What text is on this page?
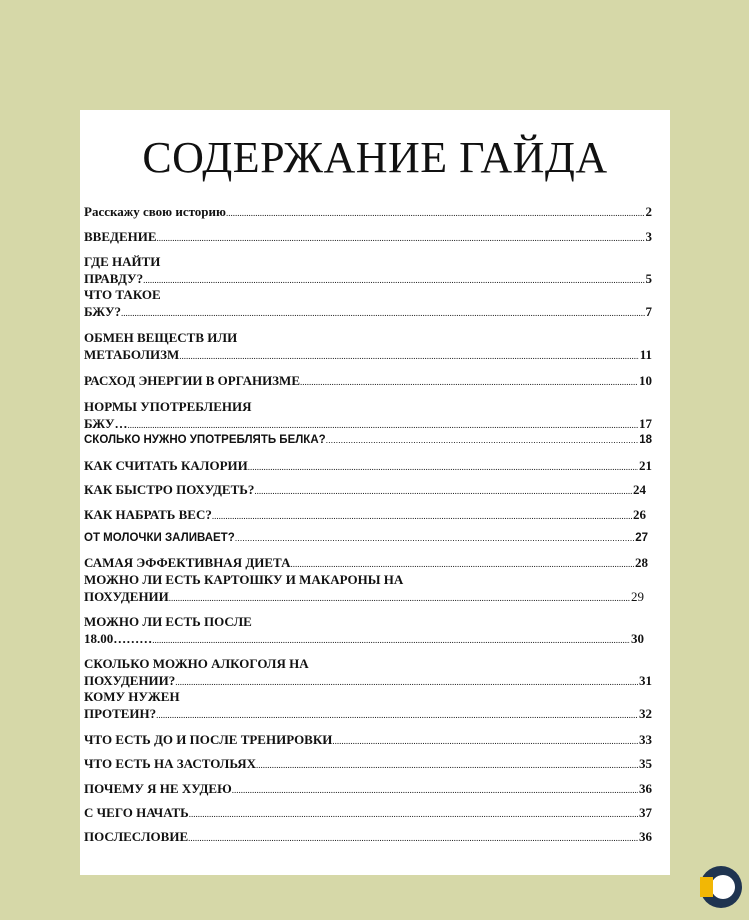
СОДЕРЖАНИЕ ГАЙДА
Расскажу свою историю .....	2
ВВЕДЕНИЕ .....	3
ГДЕ НАЙТИ
ПРАВДУ? .....	5
ЧТО ТАКОЕ
БЖУ? .....	7
ОБМЕН ВЕЩЕСТВ ИЛИ
МЕТАБОЛИЗМ .....	11
РАСХОД ЭНЕРГИИ В ОРГАНИЗМЕ .....	10
НОРМЫ УПОТРЕБЛЕНИЯ
БЖУ… .....	17
СКОЛЬКО НУЖНО УПОТРЕБЛЯТЬ БЕЛКА? .....	18
КАК СЧИТАТЬ КАЛОРИИ .....	21
КАК БЫСТРО ПОХУДЕТЬ? .....	24
КАК НАБРАТЬ ВЕС? .....	26
ОТ МОЛОЧКИ ЗАЛИВАЕТ? .....	27
САМАЯ ЭФФЕКТИВНАЯ ДИЕТА .....	28
МОЖНО ЛИ ЕСТЬ КАРТОШКУ И МАКАРОНЫ НА
ПОХУДЕНИИ .....	29
МОЖНО ЛИ ЕСТЬ ПОСЛЕ
18.00……… .....	30
СКОЛЬКО МОЖНО АЛКОГОЛЯ НА
ПОХУДЕНИИ? .....	31
КОМУ НУЖЕН
ПРОТЕИН? .....	32
ЧТО ЕСТЬ ДО И ПОСЛЕ ТРЕНИРОВКИ .....	33
ЧТО ЕСТЬ НА ЗАСТОЛЬЯХ .....	35
ПОЧЕМУ Я НЕ ХУДЕЮ .....	36
С ЧЕГО НАЧАТЬ .....	37
ПОСЛЕСЛОВИЕ .....	36
